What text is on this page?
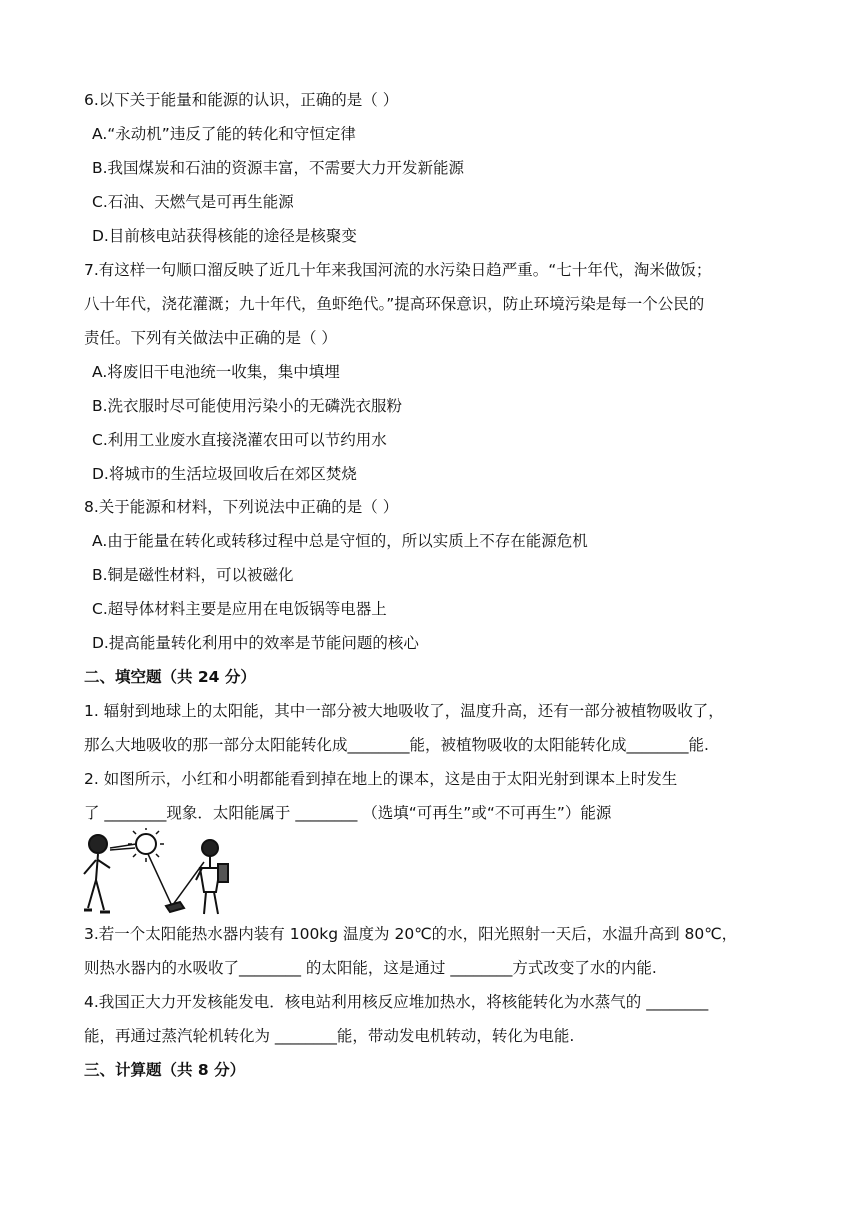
6.以下关于能量和能源的认识，正确的是（ ）
A.“永动机”违反了能的转化和守恒定律
B.我国煤炭和石油的资源丰富，不需要大力开发新能源
C.石油、天燃气是可再生能源
D.目前核电站获得核能的途径是核聚变
7.有这样一句顺口溜反映了近几十年来我国河流的水污染日趋严重。“七十年代，淘米做饭；
八十年代，浇花灌溉；九十年代，鱼虾绝代。”提高环保意识，防止环境污染是每一个公民的
责任。下列有关做法中正确的是（ ）
A.将废旧干电池统一收集，集中填埋
B.洗衣服时尽可能使用污染小的无磷洗衣服粉
C.利用工业废水直接浇灌农田可以节约用水
D.将城市的生活垃圾回收后在郊区焚烧
8.关于能源和材料，下列说法中正确的是（ ）
A.由于能量在转化或转移过程中总是守恒的，所以实质上不存在能源危机
B.铜是磁性材料，可以被磁化
C.超导体材料主要是应用在电饭锅等电器上
D.提高能量转化利用中的效率是节能问题的核心
二、填空题（共 24 分）
1. 辐射到地球上的太阳能，其中一部分被大地吸收了，温度升高，还有一部分被植物吸收了，
那么大地吸收的那一部分太阳能转化成________能，被植物吸收的太阳能转化成________能.
2. 如图所示，小红和小明都能看到掉在地上的课本，这是由于太阳光射到课本上时发生
了 ________现象．太阳能属于 ________ （选填“可再生”或“不可再生”）能源
3.若一个太阳能热水器内装有 100kg 温度为 20℃的水，阳光照射一天后，水温升高到 80℃，
则热水器内的水吸收了________ 的太阳能，这是通过 ________方式改变了水的内能.
4.我国正大力开发核能发电．核电站利用核反应堆加热水，将核能转化为水蒸气的 ________
能，再通过蒸汽轮机转化为 ________能，带动发电机转动，转化为电能.
三、计算题（共 8 分）
